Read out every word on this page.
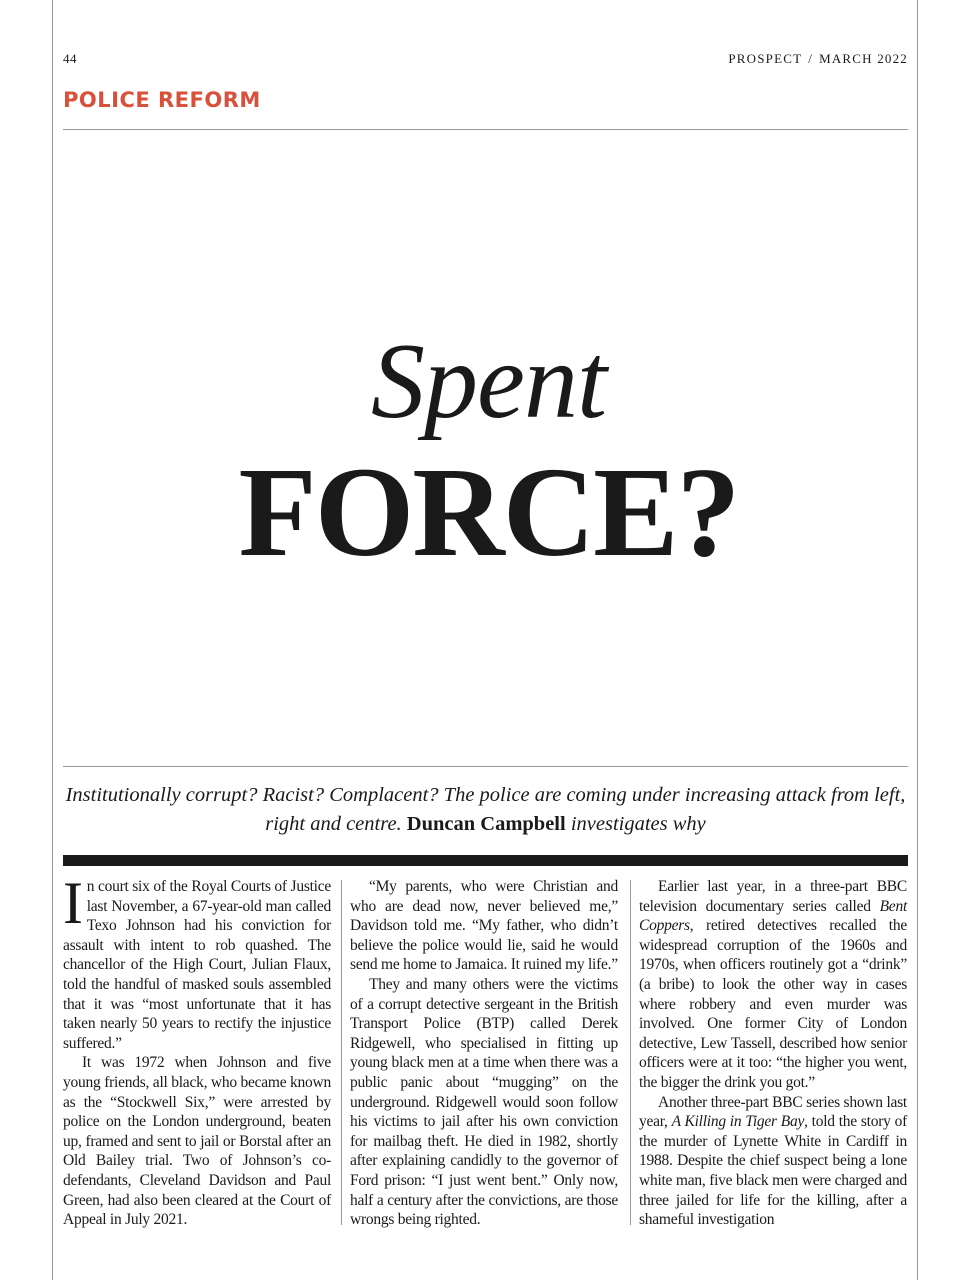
44	PROSPECT / MARCH 2022
POLICE REFORM
Spent
FORCE?
Institutionally corrupt? Racist? Complacent? The police are coming under increasing attack from left, right and centre. Duncan Campbell investigates why

In court six of the Royal Courts of Justice last November, a 67-year-old man called Texo Johnson had his conviction for assault with intent to rob quashed. The chancellor of the High Court, Julian Flaux, told the handful of masked souls assembled that it was “most unfortunate that it has taken nearly 50 years to rectify the injustice suffered.”

It was 1972 when Johnson and five young friends, all black, who became known as the “Stockwell Six,” were arrested by police on the London underground, beaten up, framed and sent to jail or Borstal after an Old Bailey trial. Two of Johnson’s co-defendants, Cleveland Davidson and Paul Green, had also been cleared at the Court of Appeal in July 2021.

“My parents, who were Christian and who are dead now, never believed me,” Davidson told me. “My father, who didn’t believe the police would lie, said he would send me home to Jamaica. It ruined my life.”

They and many others were the victims of a corrupt detective sergeant in the British Transport Police (BTP) called Derek Ridgewell, who specialised in fitting up young black men at a time when there was a public panic about “mugging” on the underground. Ridgewell would soon follow his victims to jail after his own conviction for mailbag theft. He died in 1982, shortly after explaining candidly to the governor of Ford prison: “I just went bent.” Only now, half a century after the convictions, are those wrongs being righted.

Earlier last year, in a three-part BBC television documentary series called Bent Coppers, retired detectives recalled the widespread corruption of the 1960s and 1970s, when officers routinely got a “drink” (a bribe) to look the other way in cases where robbery and even murder was involved. One former City of London detective, Lew Tassell, described how senior officers were at it too: “the higher you went, the bigger the drink you got.”

Another three-part BBC series shown last year, A Killing in Tiger Bay, told the story of the murder of Lynette White in Cardiff in 1988. Despite the chief suspect being a lone white man, five black men were charged and three jailed for life for the killing, after a shameful investigation
